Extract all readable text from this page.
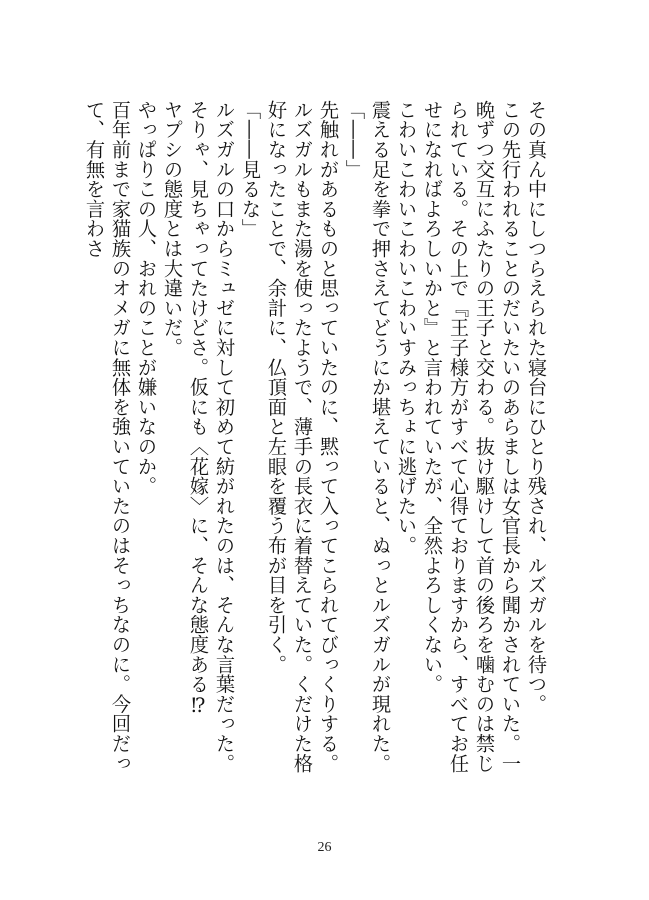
その真ん中にしつらえられた寝台にひとり残され、ルズガルを待つ。

この先行われることのだいたいのあらましは女官長から聞かされていた。一晩ずつ交互にふたりの王子と交わる。抜け駆けして首の後ろを噛むのは禁じられている。その上で『王子様方がすべて心得ておりますから、すべてお任せになればよろしいかと』と言われていたが、全然よろしくない。

こわいこわいこわいこわいすみっちょに逃げたい。

震える足を拳で押さえてどうにか堪えていると、ぬっとルズガルが現れた。

「――」

先触れがあるものと思っていたのに、黙って入ってこられてびっくりする。

ルズガルもまた湯を使ったようで、薄手の長衣に着替えていた。くだけた格好になったことで、余計に、仏頂面と左眼を覆う布が目を引く。

「――見るな」

ルズガルの口からミュゼに対して初めて紡がれたのは、そんな言葉だった。

そりゃ、見ちゃってたけどさ。仮にも〈花嫁〉に、そんな態度ある⁉

ヤプシの態度とは大違いだ。

やっぱりこの人、おれのことが嫌いなのか。

百年前まで家猫族のオメガに無体を強いていたのはそっちなのに。今回だって、有無を言わさ

26
